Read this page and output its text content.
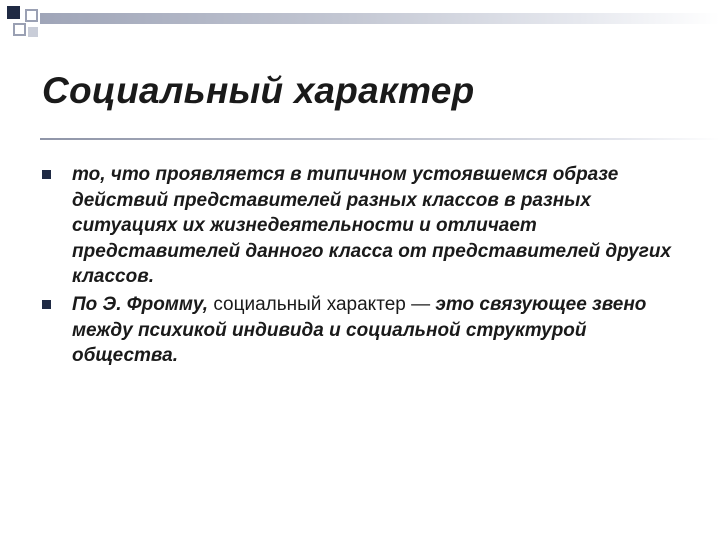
Социальный характер
то, что проявляется в типичном устоявшемся образе действий представителей разных классов в разных ситуациях их жизнедеятельности и отличает представителей данного класса от представителей других классов.
По Э. Фромму, социальный характер — это связующее звено между психикой индивида и социальной структурой общества.
